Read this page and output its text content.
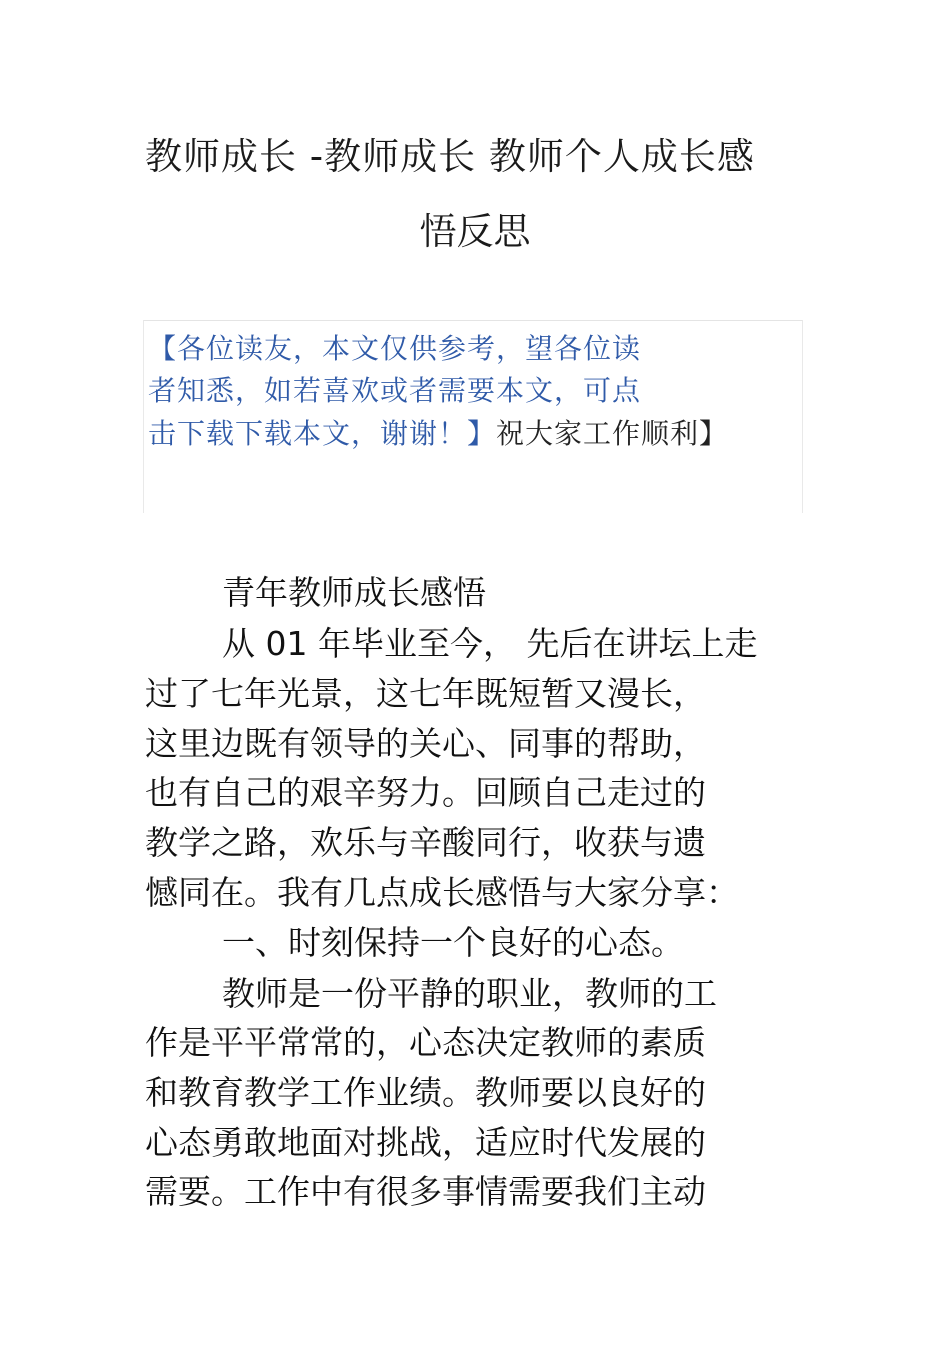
教师成长 -教师成长 教师个人成长感
悟反思
【各位读友，本文仅供参考，望各位读
者知悉，如若喜欢或者需要本文，可点
击下载下载本文，谢谢！】祝大家工作顺利】
青年教师成长感悟
从 01 年毕业至今， 先后在讲坛上走
过了七年光景，这七年既短暂又漫长，
这里边既有领导的关心、同事的帮助，
也有自己的艰辛努力。回顾自己走过的
教学之路，欢乐与辛酸同行，收获与遗
憾同在。我有几点成长感悟与大家分享：
一、时刻保持一个良好的心态。
教师是一份平静的职业，教师的工
作是平平常常的，心态决定教师的素质
和教育教学工作业绩。教师要以良好的
心态勇敢地面对挑战，适应时代发展的
需要。工作中有很多事情需要我们主动
